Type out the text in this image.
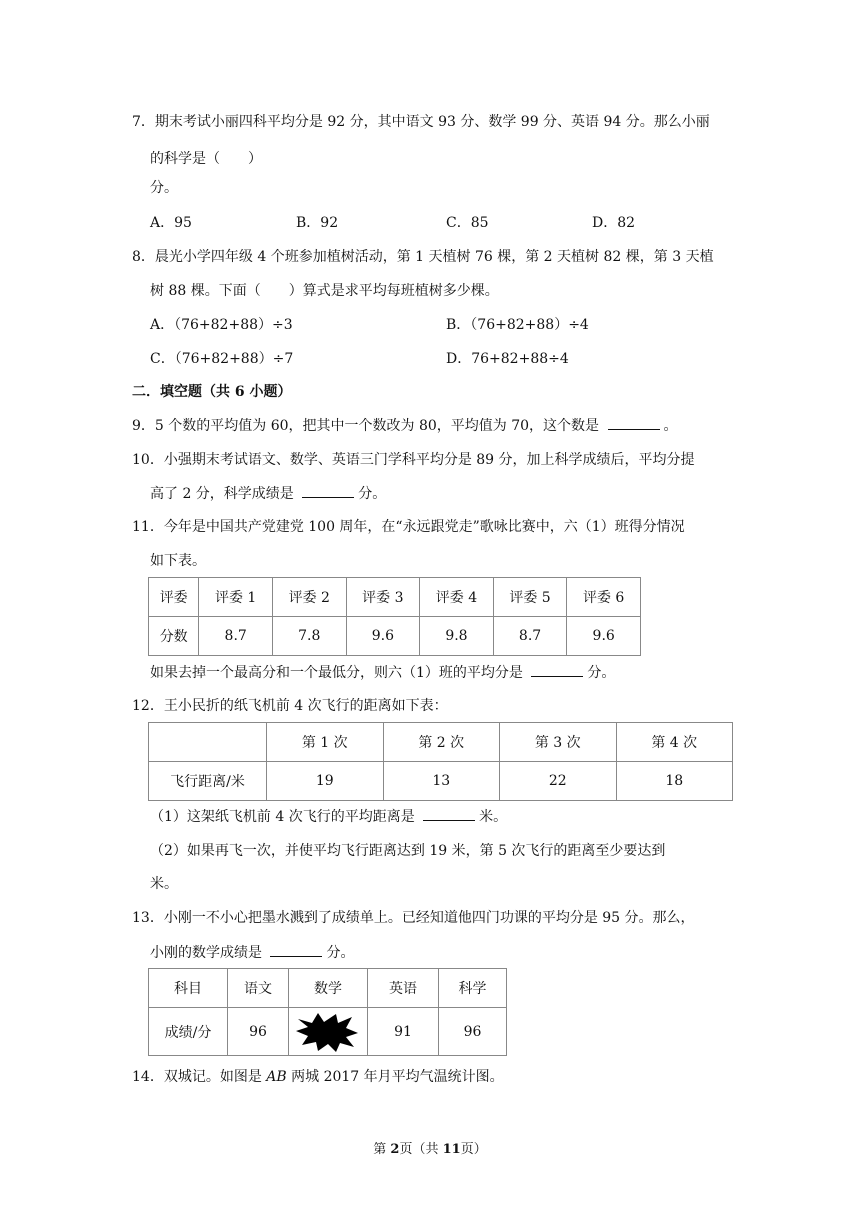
7．期末考试小丽四科平均分是 92 分，其中语文 93 分、数学 99 分、英语 94 分。那么小丽
的科学是（　　）
分。
A．95	B．92	C．85	D．82
8．晨光小学四年级 4 个班参加植树活动，第 1 天植树 76 棵，第 2 天植树 82 棵，第 3 天植
树 88 棵。下面（　　）算式是求平均每班植树多少棵。
A．（76+82+88）÷3	B．（76+82+88）÷4
C．（76+82+88）÷7	D．76+82+88÷4
二．填空题（共 6 小题）
9．5 个数的平均值为 60，把其中一个数改为 80，平均值为 70，这个数是	。
10．小强期末考试语文、数学、英语三门学科平均分是 89 分，加上科学成绩后，平均分提
高了 2 分，科学成绩是	分。
11．今年是中国共产党建党 100 周年，在“永远跟党走”歌咏比赛中，六（1）班得分情况
如下表。
评委	评委 1	评委 2	评委 3	评委 4	评委 5	评委 6
分数	8.7	7.8	9.6	9.8	8.7	9.6
如果去掉一个最高分和一个最低分，则六（1）班的平均分是	分。
12．王小民折的纸飞机前 4 次飞行的距离如下表：
	第 1 次	第 2 次	第 3 次	第 4 次
飞行距离/米	19	13	22	18
（1）这架纸飞机前 4 次飞行的平均距离是	米。
（2）如果再飞一次，并使平均飞行距离达到 19 米，第 5 次飞行的距离至少要达到
米。
13．小刚一不小心把墨水溅到了成绩单上。已经知道他四门功课的平均分是 95 分。那么，
小刚的数学成绩是	分。
科目	语文	数学	英语	科学
成绩/分	96		91	96
14．双城记。如图是 AB 两城 2017 年月平均气温统计图。
第 2页（共 11页）
